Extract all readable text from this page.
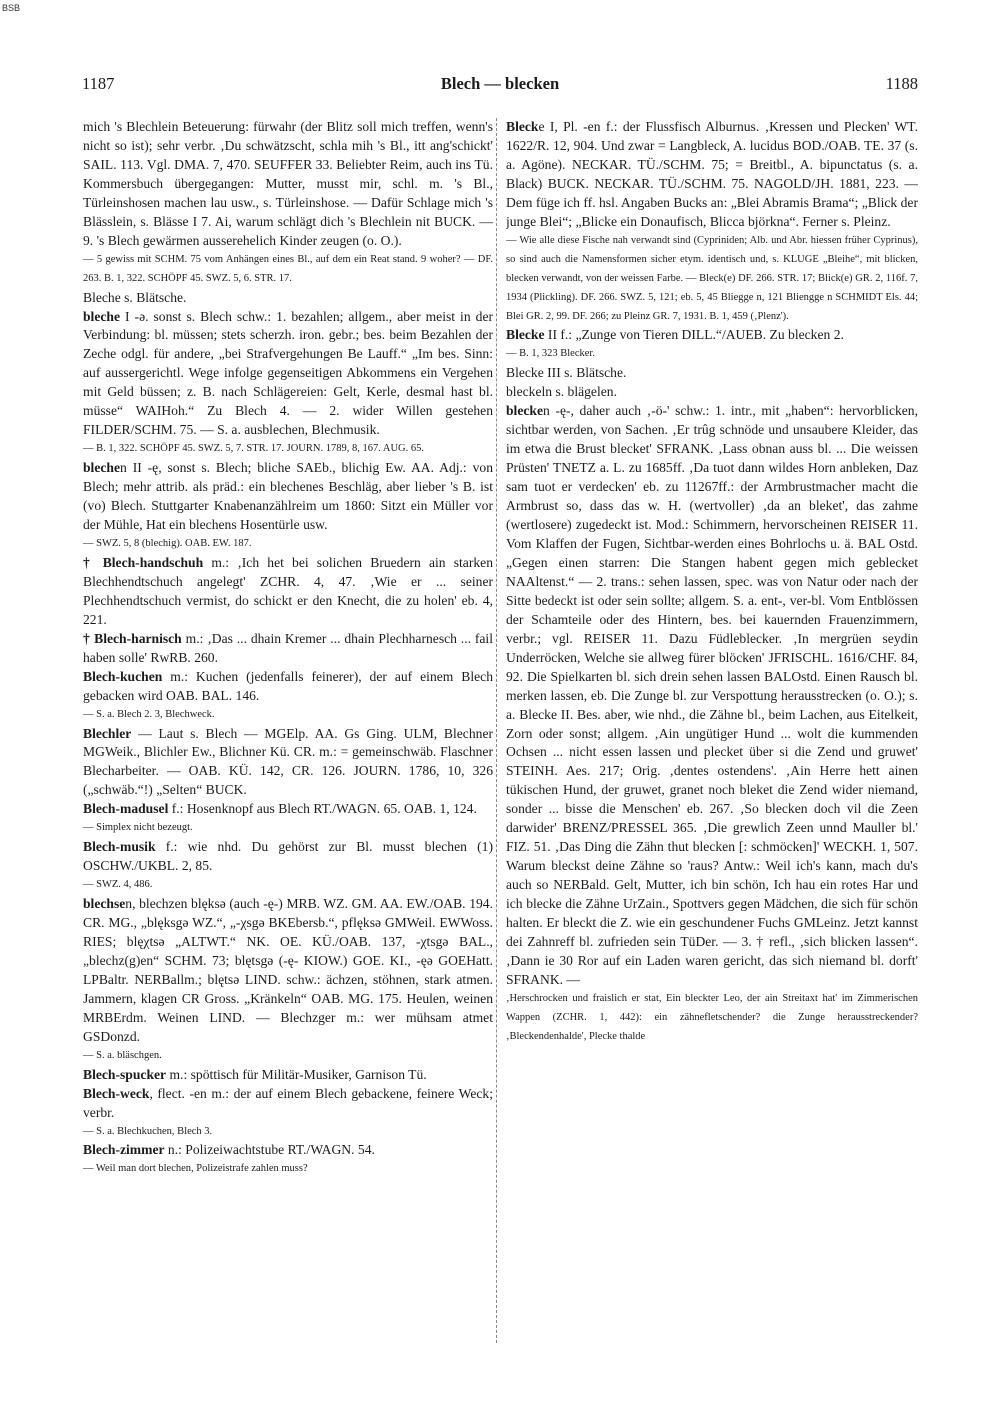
BSB
1187	Blech — blecken	1188

mich 's Blechlein Beteuerung: fürwahr (der Blitz soll mich treffen, wenn's nicht so ist); sehr verbr. ‚Du schwätzscht, schla mih 's Bl., itt ang'schickt' SAIL. 113. Vgl. DMA. 7, 470. SEUFFER 33. Beliebter Reim, auch ins Tü. Kommersbuch übergegangen: Mutter, musst mir, schl. m. 's Bl., Türleinshosen machen lau usw., s. Türleinshose. — Dafür Schlage mich 's Blässlein, s. Blässe I 7. Ai, warum schlägt dich 's Blechlein nit BUCK. — 9. 's Blech gewärmen ausserehelich Kinder zeugen (o. O.).

— 5 gewiss mit SCHM. 75 vom Anhängen eines Bl., auf dem ein Reat stand. 9 woher? — DF. 263. B. 1, 322. SCHÖPF 45. SWZ. 5, 6. STR. 17.

Bleche s. Blätsche.

bleche I -ə. sonst s. Blech schw.: 1. bezahlen; allgem., aber meist in der Verbindung: bl. müssen; stets scherzh. iron. gebr.; bes. beim Bezahlen der Zeche odgl. für andere, „bei Strafvergehungen Be Lauff.“ „Im bes. Sinn: auf aussergerichtl. Wege infolge gegenseitigen Abkommens ein Vergehen mit Geld büssen; z. B. nach Schlägereien: Gelt, Kerle, desmal hast bl. müsse“ WAIHoh.“ Zu Blech 4. — 2. wider Willen gestehen FILDER/SCHM. 75. — S. a. ausblechen, Blechmusik.

— B. 1, 322. SCHÖPF 45. SWZ. 5, 7. STR. 17. JOURN. 1789, 8, 167. AUG. 65.

blechen II -ę, sonst s. Blech; bliche SAEb., blichig Ew. AA. Adj.: von Blech; mehr attrib. als präd.: ein blechenes Beschläg, aber lieber 's B. ist (vo) Blech. Stuttgarter Knabenanzählreim um 1860: Sitzt ein Müller vor der Mühle, Hat ein blechens Hosentürle usw.

— SWZ. 5, 8 (blechig). OAB. EW. 187.

† Blech-handschuh m.: ‚Ich het bei solichen Bruedern ain starken Blechhendtschuch angelegt' ZCHR. 4, 47. ‚Wie er ... seiner Plechhendtschuch vermist, do schickt er den Knecht, die zu holen' eb. 4, 221.

† Blech-harnisch m.: ‚Das ... dhain Kremer ... dhain Plechharnesch ... fail haben solle' RwRB. 260.

Blech-kuchen m.: Kuchen (jedenfalls feinerer), der auf einem Blech gebacken wird OAB. BAL. 146.

— S. a. Blech 2. 3, Blechweck.

Blechler — Laut s. Blech — MGElp. AA. Gs Ging. ULM, Blechner MGWeik., Blichler Ew., Blichner Kü. CR. m.: = gemeinschwäb. Flaschner Blecharbeiter. — OAB. KÜ. 142, CR. 126. JOURN. 1786, 10, 326 („schwäb.“!) „Selten“ BUCK.

Blech-madusel f.: Hosenknopf aus Blech RT./WAGN. 65. OAB. 1, 124.

— Simplex nicht bezeugt.

Blech-musik f.: wie nhd. Du gehörst zur Bl. musst blechen (1) OSCHW./UKBL. 2, 85.

— SWZ. 4, 486.

blechsen, blechzen blęksə (auch -ę-) MRB. WZ. GM. AA. EW./OAB. 194. CR. MG., „blęksgə WZ.“, „-χsgə BKEbersb.“, pflęksə GMWeil. EWWoss. RIES; blęχtsə „ALTWT.“ NK. OE. KÜ./OAB. 137, -χtsgə BAL., „blechz(g)en“ SCHM. 73; blętsgə (-ę- KIOW.) GOE. KI., -ęə GOEHatt. LPBaltr. NERBallm.; blętsə LIND. schw.: ächzen, stöhnen, stark atmen. Jammern, klagen CR Gross. „Kränkeln“ OAB. MG. 175. Heulen, weinen MRBErdm. Weinen LIND. — Blechzger m.: wer mühsam atmet GSDonzd.

— S. a. bläschgen.

Blech-spucker m.: spöttisch für Militär-Musiker, Garnison Tü.

Blech-weck, flect. -en m.: der auf einem Blech gebackene, feinere Weck; verbr.

— S. a. Blechkuchen, Blech 3.

Blech-zimmer n.: Polizeiwachtstube RT./WAGN. 54.

— Weil man dort blechen, Polizeistrafe zahlen muss?

Blecke I, Pl. -en f.: der Flussfisch Alburnus. ‚Kressen und Plecken' WT. 1622/R. 12, 904. Und zwar = Langbleck, A. lucidus BOD./OAB. TE. 37 (s. a. Agöne). NECKAR. TÜ./SCHM. 75; = Breitbl., A. bipunctatus (s. a. Black) BUCK. NECKAR. TÜ./SCHM. 75. NAGOLD/JH. 1881, 223. — Dem füge ich ff. hsl. Angaben Bucks an: „Blei Abramis Brama“; „Blick der junge Blei“; „Blicke ein Donaufisch, Blicca björkna“. Ferner s. Pleinz.

— Wie alle diese Fische nah verwandt sind (Cypriniden; Alb. und Abr. hiessen früher Cyprinus), so sind auch die Namensformen sicher etym. identisch und, s. KLUGE „Bleihe“, mit blicken, blecken verwandt, von der weissen Farbe. — Bleck(e) DF. 266. STR. 17; Blick(e) GR. 2, 116f. 7, 1934 (Plickling). DF. 266. SWZ. 5, 121; eb. 5, 45 Bliegge n, 121 Bliengge n SCHMIDT Els. 44; Blei GR. 2, 99. DF. 266; zu Pleinz GR. 7, 1931. B. 1, 459 (‚Plenz').

Blecke II f.: „Zunge von Tieren DILL.“/AUEB. Zu blecken 2.

— B. 1, 323 Blecker.

Blecke III s. Blätsche.

bleckeln s. blägelen.

blecken -ę-, daher auch ‚-ö-' schw.: 1. intr., mit „haben“: hervorblicken, sichtbar werden, von Sachen. ‚Er trûg schnöde und unsaubere Kleider, das im etwa die Brust blecket' SFRANK. ‚Lass obnan auss bl. ... Die weissen Prüsten' TNETZ a. L. zu 1685ff. ‚Da tuot dann wildes Horn anbleken, Daz sam tuot er verdecken' eb. zu 11267ff.: der Armbrustmacher macht die Armbrust so, dass das w. H. (wertvoller) ‚da an bleket', das zahme (wertlosere) zugedeckt ist. Mod.: Schimmern, hervorscheinen REISER 11. Vom Klaffen der Fugen, Sichtbar-werden eines Bohrlochs u. ä. BAL Ostd. „Gegen einen starren: Die Stangen habent gegen mich geblecket NAAltenst.“ — 2. trans.: sehen lassen, spec. was von Natur oder nach der Sitte bedeckt ist oder sein sollte; allgem. S. a. ent-, ver-bl. Vom Entblössen der Schamteile oder des Hintern, bes. bei kauernden Frauenzimmern, verbr.; vgl. REISER 11. Dazu Füdleblecker. ‚In mergrüen seydin Underröcken, Welche sie allweg fürer blöcken' JFRISCHL. 1616/CHF. 84, 92. Die Spielkarten bl. sich drein sehen lassen BALOstd. Einen Rausch bl. merken lassen, eb. Die Zunge bl. zur Verspottung herausstrecken (o. O.); s. a. Blecke II. Bes. aber, wie nhd., die Zähne bl., beim Lachen, aus Eitelkeit, Zorn oder sonst; allgem. ‚Ain ungütiger Hund ... wolt die kummenden Ochsen ... nicht essen lassen und plecket über si die Zend und gruwet' STEINH. Aes. 217; Orig. ‚dentes ostendens'. ‚Ain Herre hett ainen tükischen Hund, der gruwet, granet noch bleket die Zend wider niemand, sonder ... bisse die Menschen' eb. 267. ‚So blecken doch vil die Zeen darwider' BRENZ/PRESSEL 365. ‚Die grewlich Zeen unnd Mauller bl.' FIZ. 51. ‚Das Ding die Zähn thut blecken [: schmöcken]' WECKH. 1, 507. Warum bleckst deine Zähne so 'raus? Antw.: Weil ich's kann, mach du's auch so NERBald. Gelt, Mutter, ich bin schön, Ich hau ein rotes Har und ich blecke die Zähne UrZain., Spottvers gegen Mädchen, die sich für schön halten. Er bleckt die Z. wie ein geschundener Fuchs GMLeinz. Jetzt kannst dei Zahnreff bl. zufrieden sein TüDer. — 3. † refl., ‚sich blicken lassen“. ‚Dann ie 30 Ror auf ein Laden waren gericht, das sich niemand bl. dorft' SFRANK. —

‚Herschrocken und fraislich er stat, Ein bleckter Leo, der ain Streitaxt hat' im Zimmerischen Wappen (ZCHR. 1, 442): ein zähnefletschender? die Zunge herausstreckender? ‚Bleckendenhalde', Plecke thalde
